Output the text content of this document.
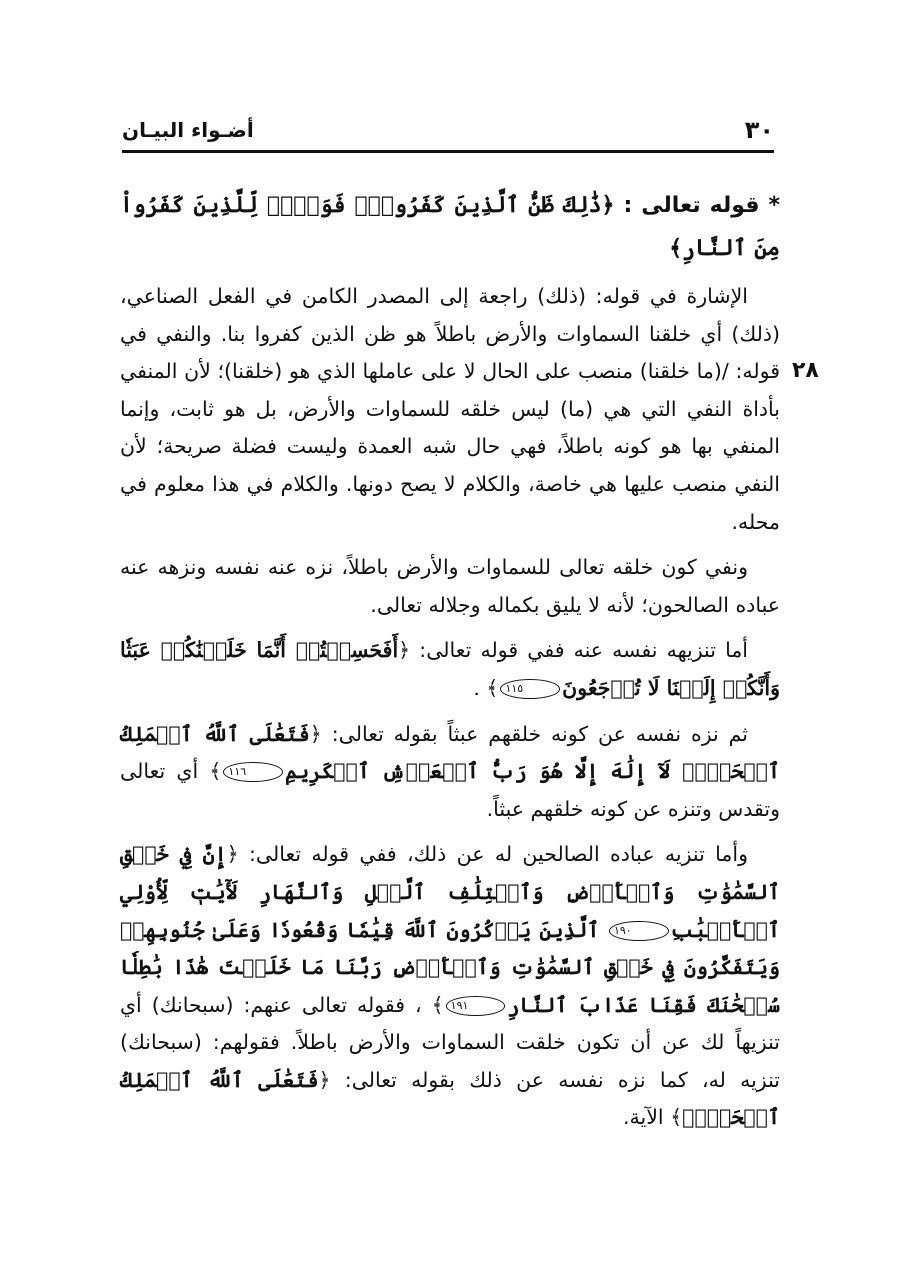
٣٠
أضـواء البيـان
٢٨

* قوله تعالى : ﴿ذَٰلِكَ ظَنُّ ٱلَّذِينَ كَفَرُواْۚ فَوَيۡلٞ لِّلَّذِينَ كَفَرُواْ مِنَ ٱلنَّارِ﴾

الإشارة في قوله: (ذلك) راجعة إلى المصدر الكامن في الفعل الصناعي، (ذلك) أي خلقنا السماوات والأرض باطلاً هو ظن الذين كفروا بنا. والنفي في قوله: /(ما خلقنا) منصب على الحال لا على عاملها الذي هو (خلقنا)؛ لأن المنفي بأداة النفي التي هي (ما) ليس خلقه للسماوات والأرض، بل هو ثابت، وإنما المنفي بها هو كونه باطلاً، فهي حال شبه العمدة وليست فضلة صريحة؛ لأن النفي منصب عليها هي خاصة، والكلام لا يصح دونها. والكلام في هذا معلوم في محله.

ونفي كون خلقه تعالى للسماوات والأرض باطلاً، نزه عنه نفسه ونزهه عنه عباده الصالحون؛ لأنه لا يليق بكماله وجلاله تعالى.

أما تنزيهه نفسه عنه ففي قوله تعالى: ﴿أَفَحَسِبۡتُمۡ أَنَّمَا خَلَقۡنَٰكُمۡ عَبَثٗا وَأَنَّكُمۡ إِلَيۡنَا لَا تُرۡجَعُونَ١١٥﴾ .

ثم نزه نفسه عن كونه خلقهم عبثاً بقوله تعالى: ﴿فَتَعَٰلَى ٱللَّهُ ٱلۡمَلِكُ ٱلۡحَقُّۖ لَآ إِلَٰهَ إِلَّا هُوَ رَبُّ ٱلۡعَرۡشِ ٱلۡكَرِيمِ١١٦﴾ أي تعالى وتقدس وتنزه عن كونه خلقهم عبثاً.

وأما تنزيه عباده الصالحين له عن ذلك، ففي قوله تعالى: ﴿إِنَّ فِي خَلۡقِ ٱلسَّمَٰوَٰتِ وَٱلۡأَرۡضِ وَٱخۡتِلَٰفِ ٱلَّيۡلِ وَٱلنَّهَارِ لَأٓيَٰتٖ لِّأُوْلِي ٱلۡأَلۡبَٰبِ١٩٠ ٱلَّذِينَ يَذۡكُرُونَ ٱللَّهَ قِيَٰمٗا وَقُعُودٗا وَعَلَىٰ جُنُوبِهِمۡ وَيَتَفَكَّرُونَ فِي خَلۡقِ ٱلسَّمَٰوَٰتِ وَٱلۡأَرۡضِ رَبَّنَا مَا خَلَقۡتَ هَٰذَا بَٰطِلٗا سُبۡحَٰنَكَ فَقِنَا عَذَابَ ٱلنَّارِ١٩١﴾ ، فقوله تعالى عنهم: (سبحانك) أي تنزيهاً لك عن أن تكون خلقت السماوات والأرض باطلاً. فقولهم: (سبحانك) تنزيه له، كما نزه نفسه عن ذلك بقوله تعالى: ﴿فَتَعَٰلَى ٱللَّهُ ٱلۡمَلِكُ ٱلۡحَقُّۖ﴾ الآية.
